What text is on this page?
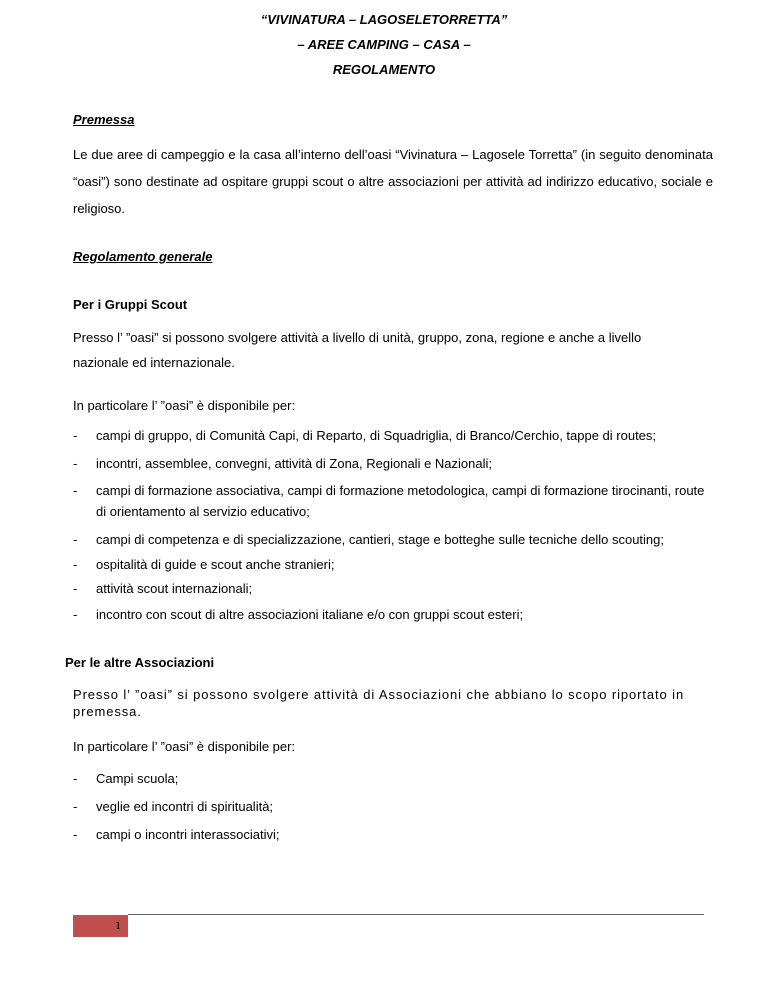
“VIVINATURA – LAGOSELETORRETTA”
– AREE CAMPING – CASA –
REGOLAMENTO
Premessa
Le due aree di campeggio e la casa all’interno dell’oasi “Vivinatura – Lagosele Torretta” (in seguito denominata “oasi”) sono destinate ad ospitare gruppi scout o altre associazioni per attività ad indirizzo educativo, sociale e religioso.
Regolamento generale
Per i Gruppi Scout
Presso l’ ”oasi” si possono svolgere attività a livello di unità, gruppo, zona, regione e anche a livello
nazionale ed internazionale.
In particolare l’ ”oasi” è disponibile per:
- campi di gruppo, di Comunità Capi, di Reparto, di Squadriglia, di Branco/Cerchio, tappe di routes;
- incontri, assemblee, convegni, attività di Zona, Regionali e Nazionali;
- campi di formazione associativa, campi di formazione metodologica, campi di formazione tirocinanti, route
di orientamento al servizio educativo;
- campi di competenza e di specializzazione, cantieri, stage e botteghe sulle tecniche dello scouting;
- ospitalità di guide e scout anche stranieri;
- attività scout internazionali;
- incontro con scout di altre associazioni italiane e/o con gruppi scout esteri;
Per le altre Associazioni
Presso l’ ”oasi” si possono svolgere attività di Associazioni che abbiano lo scopo riportato in
premessa.
In particolare l’ ”oasi” è disponibile per:
- Campi scuola;
- veglie ed incontri di spiritualità;
- campi o incontri interassociativi;
1
